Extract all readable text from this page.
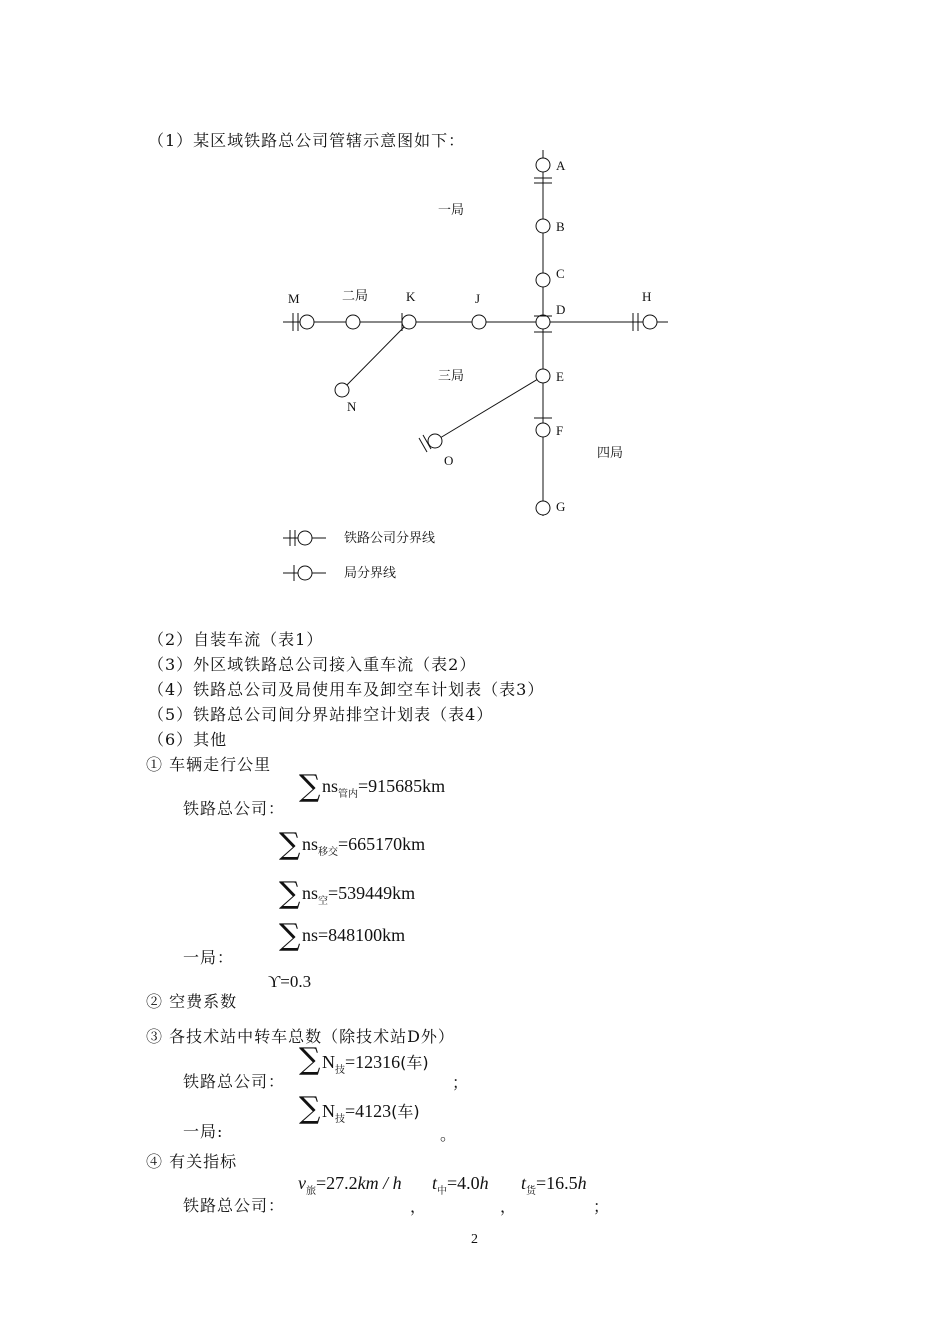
（1）某区域铁路总公司管辖示意图如下：
A
B
C
D
E
F
G
H
J
K
M
N
O
一局
二局
三局
四局
铁路公司分界线
局分界线
（2）自装车流（表1）
（3）外区域铁路总公司接入重车流（表2）
（4）铁路总公司及局使用车及卸空车计划表（表3）
（5）铁路总公司间分界站排空计划表（表4）
（6）其他
① 车辆走行公里
铁路总公司：
∑ $ns_{管内}=915685km$
∑ $ns_{移交}=665170km$
∑ $ns_空=539449km$
∑ ns=848100km
一局：
ϒ=0.3
② 空费系数
③ 各技术站中转车总数（除技术站D外）
铁路总公司：
∑ $N_技=12316$(车)
；
∑ $N_技=4123$(车)
一局:	。
④ 有关指标
铁路总公司：
$v_旅=27.2km / h$
，
$t_中=4.0h$
，
$t_货=16.5h$
；
2
